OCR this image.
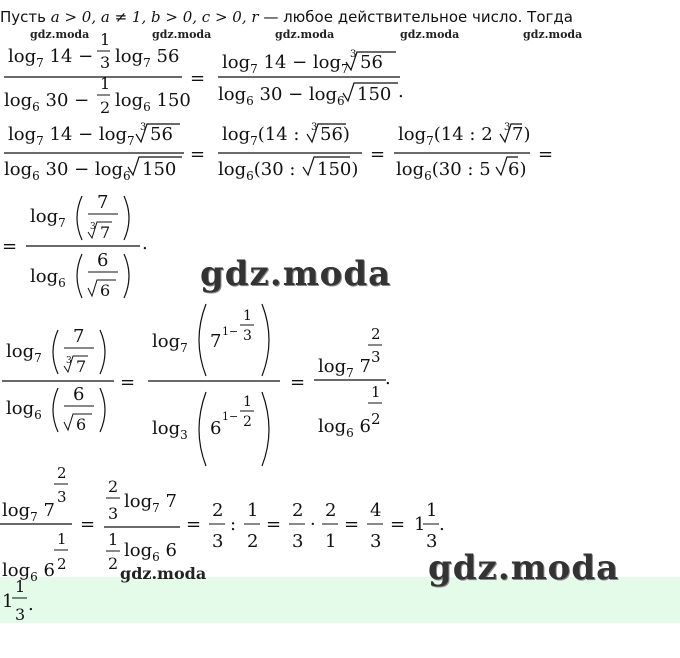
Пусть a > 0, a ≠ 1, b > 0, c > 0, r — любое действительное число. Тогда
gdz.moda	gdz.moda	gdz.moda	gdz.moda	gdz.moda
gdz.moda
gdz.moda
gdz.moda
$\log_7 14$ −
1
3 $\log_7 56$
$\log_6 30$ −
1
2 $\log_6 150$
=
$\log_7 14 - \log_7$
3 56
$\log_6 30 - \log_6 150$ .
$\log_7 14 - \log_7$
3 56
$\log_6 30 - \log_6 150$
=
$\log_7(14$ : 3 56)
$\log_6(30$ : 150)
=
$\log_7(14$ : 2 3 7)
$\log_6(30$ : 5 6)
=
=
$\log_7$
7
3 7
$\log_6$
6
6
.
$\log_7$
7
3 7
$\log_6$
6
6
=
$\log_7 7$ 1−
1
3
$\log_3 6$
1−
1
2
=
$\log_7 7$
2
3
$\log_6 6$
1
2
.
$\log_7 7$
2
3
$\log_6 6$
1
2
=
2
3
$\log_7 7$
1
2
$\log_6 6$
=
2
3
:
1
2
=
2
3
·
2
1
=
4
3
= 1
1
3
.
1
1
3 .
